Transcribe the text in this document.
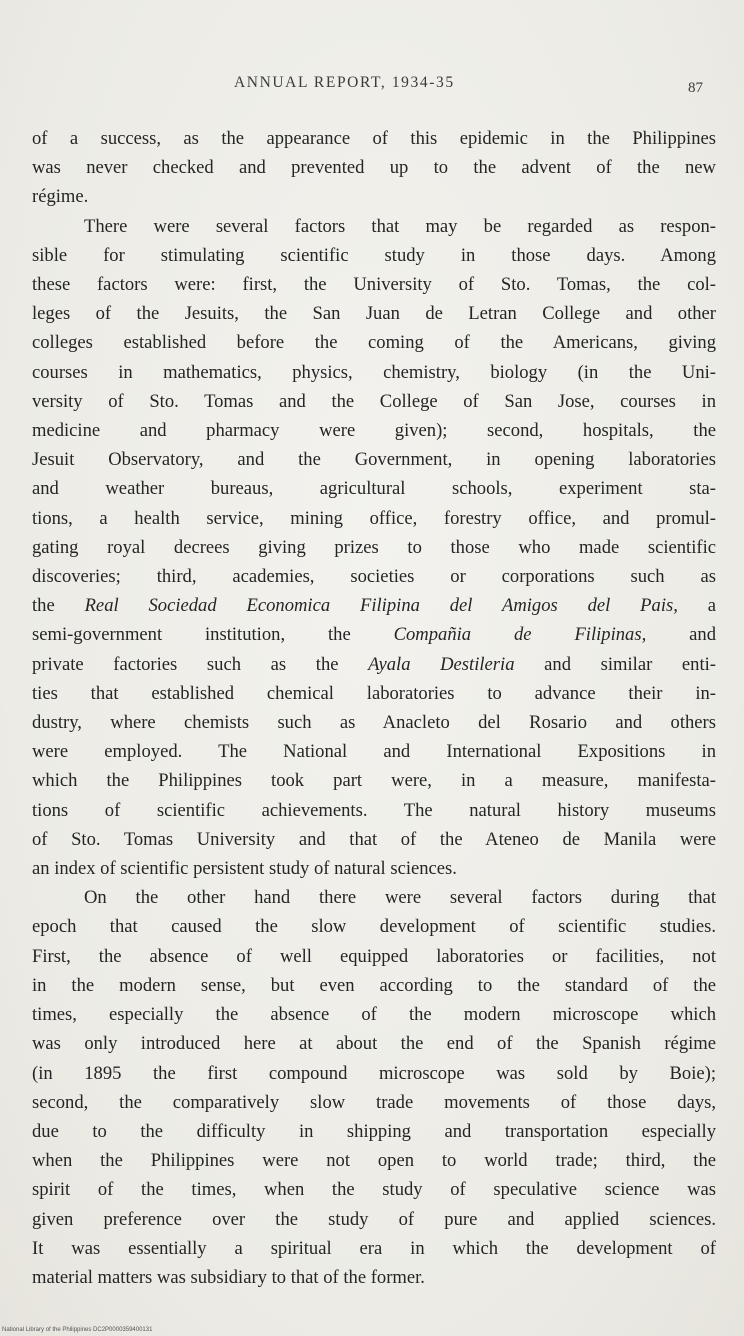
ANNUAL REPORT, 1934-35	87

of a success, as the appearance of this epidemic in the Philippines
was never checked and prevented up to the advent of the new
régime.

There were several factors that may be regarded as respon-
sible for stimulating scientific study in those days. Among
these factors were: first, the University of Sto. Tomas, the col-
leges of the Jesuits, the San Juan de Letran College and other
colleges established before the coming of the Americans, giving
courses in mathematics, physics, chemistry, biology (in the Uni-
versity of Sto. Tomas and the College of San Jose, courses in
medicine and pharmacy were given); second, hospitals, the
Jesuit Observatory, and the Government, in opening laboratories
and weather bureaus, agricultural schools, experiment sta-
tions, a health service, mining office, forestry office, and promul-
gating royal decrees giving prizes to those who made scientific
discoveries; third, academies, societies or corporations such as
the Real Sociedad Economica Filipina del Amigos del Pais, a
semi-government institution, the Compañia de Filipinas, and
private factories such as the Ayala Destileria and similar enti-
ties that established chemical laboratories to advance their in-
dustry, where chemists such as Anacleto del Rosario and others
were employed. The National and International Expositions in
which the Philippines took part were, in a measure, manifesta-
tions of scientific achievements. The natural history museums
of Sto. Tomas University and that of the Ateneo de Manila were
an index of scientific persistent study of natural sciences.

On the other hand there were several factors during that
epoch that caused the slow development of scientific studies.
First, the absence of well equipped laboratories or facilities, not
in the modern sense, but even according to the standard of the
times, especially the absence of the modern microscope which
was only introduced here at about the end of the Spanish régime
(in 1895 the first compound microscope was sold by Boie);
second, the comparatively slow trade movements of those days,
due to the difficulty in shipping and transportation especially
when the Philippines were not open to world trade; third, the
spirit of the times, when the study of speculative science was
given preference over the study of pure and applied sciences.
It was essentially a spiritual era in which the development of
material matters was subsidiary to that of the former.

National Library of the Philippines DC2P0000359400131
